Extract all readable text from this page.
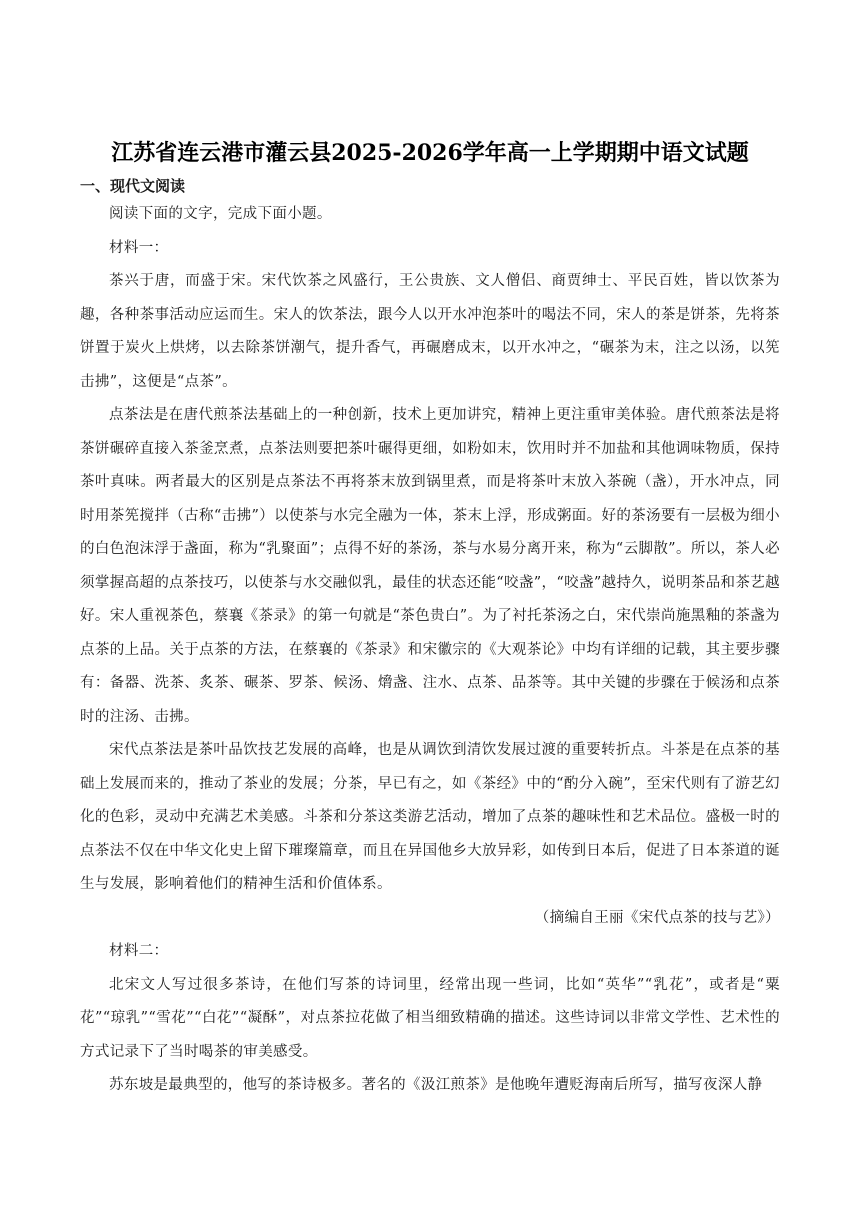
江苏省连云港市灌云县2025-2026学年高一上学期期中语文试题
一、现代文阅读

阅读下面的文字，完成下面小题。

材料一：

茶兴于唐，而盛于宋。宋代饮茶之风盛行，王公贵族、文人僧侣、商贾绅士、平民百姓，皆以饮茶为趣，各种茶事活动应运而生。宋人的饮茶法，跟今人以开水冲泡茶叶的喝法不同，宋人的茶是饼茶，先将茶饼置于炭火上烘烤，以去除茶饼潮气，提升香气，再碾磨成末，以开水冲之，“碾茶为末，注之以汤，以筅击拂”，这便是“点茶”。

点茶法是在唐代煎茶法基础上的一种创新，技术上更加讲究，精神上更注重审美体验。唐代煎茶法是将茶饼碾碎直接入茶釜烹煮，点茶法则要把茶叶碾得更细，如粉如末，饮用时并不加盐和其他调味物质，保持茶叶真味。两者最大的区别是点茶法不再将茶末放到锅里煮，而是将茶叶末放入茶碗（盏），开水冲点，同时用茶筅搅拌（古称“击拂”）以使茶与水完全融为一体，茶末上浮，形成粥面。好的茶汤要有一层极为细小的白色泡沫浮于盏面，称为“乳聚面”；点得不好的茶汤，茶与水易分离开来，称为“云脚散”。所以，茶人必须掌握高超的点茶技巧，以使茶与水交融似乳，最佳的状态还能“咬盏”，“咬盏”越持久，说明茶品和茶艺越好。宋人重视茶色，蔡襄《茶录》的第一句就是“茶色贵白”。为了衬托茶汤之白，宋代崇尚施黑釉的茶盏为点茶的上品。关于点茶的方法，在蔡襄的《茶录》和宋徽宗的《大观茶论》中均有详细的记载，其主要步骤有：备器、洗茶、炙茶、碾茶、罗茶、候汤、熁盏、注水、点茶、品茶等。其中关键的步骤在于候汤和点茶时的注汤、击拂。

宋代点茶法是茶叶品饮技艺发展的高峰，也是从调饮到清饮发展过渡的重要转折点。斗茶是在点茶的基础上发展而来的，推动了茶业的发展；分茶，早已有之，如《茶经》中的“酌分入碗”，至宋代则有了游艺幻化的色彩，灵动中充满艺术美感。斗茶和分茶这类游艺活动，增加了点茶的趣味性和艺术品位。盛极一时的点茶法不仅在中华文化史上留下璀璨篇章，而且在异国他乡大放异彩，如传到日本后，促进了日本茶道的诞生与发展，影响着他们的精神生活和价值体系。

（摘编自王丽《宋代点茶的技与艺》）

材料二：

北宋文人写过很多茶诗，在他们写茶的诗词里，经常出现一些词，比如“英华”“乳花”，或者是“粟花”“琼乳”“雪花”“白花”“凝酥”，对点茶拉花做了相当细致精确的描述。这些诗词以非常文学性、艺术性的方式记录下了当时喝茶的审美感受。

苏东坡是最典型的，他写的茶诗极多。著名的《汲江煎茶》是他晚年遭贬海南后所写，描写夜深人静
